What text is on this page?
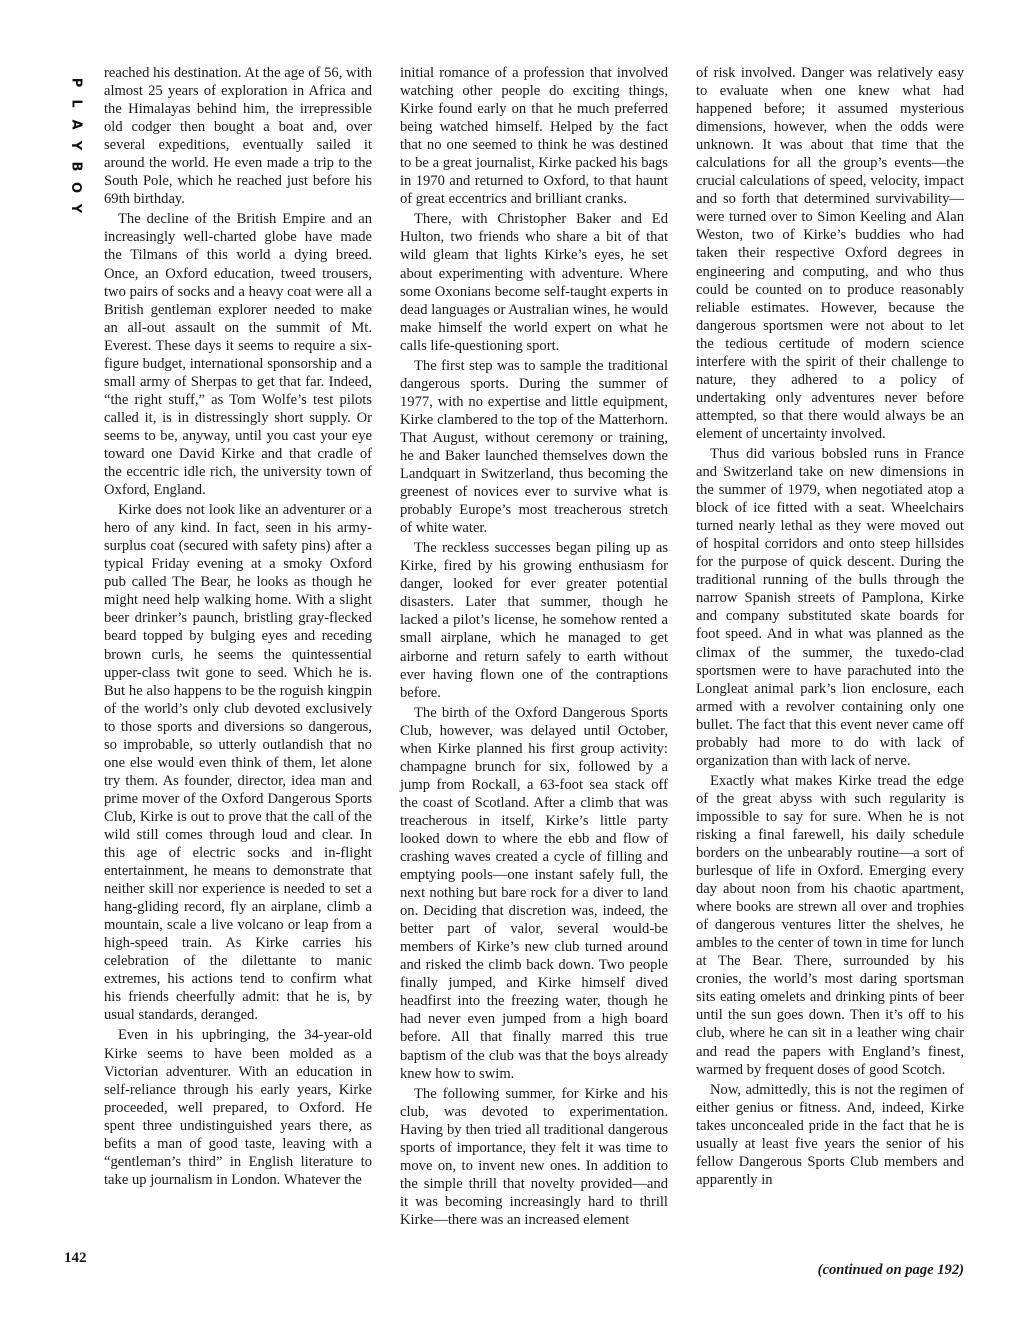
P
L
A
Y
B
O
Y

reached his destination. At the age of 56, with almost 25 years of exploration in Africa and the Himalayas behind him, the irrepressible old codger then bought a boat and, over several expeditions, eventually sailed it around the world. He even made a trip to the South Pole, which he reached just before his 69th birthday.

The decline of the British Empire and an increasingly well-charted globe have made the Tilmans of this world a dying breed. Once, an Oxford education, tweed trousers, two pairs of socks and a heavy coat were all a British gentleman explorer needed to make an all-out assault on the summit of Mt. Everest. These days it seems to require a six-figure budget, international sponsorship and a small army of Sherpas to get that far. Indeed, “the right stuff,” as Tom Wolfe’s test pilots called it, is in distressingly short supply. Or seems to be, anyway, until you cast your eye toward one David Kirke and that cradle of the eccentric idle rich, the university town of Oxford, England.

Kirke does not look like an adventurer or a hero of any kind. In fact, seen in his army-surplus coat (secured with safety pins) after a typical Friday evening at a smoky Oxford pub called The Bear, he looks as though he might need help walking home. With a slight beer drinker’s paunch, bristling gray-flecked beard topped by bulging eyes and receding brown curls, he seems the quintessential upper-class twit gone to seed. Which he is. But he also happens to be the roguish kingpin of the world’s only club devoted exclusively to those sports and diversions so dangerous, so improbable, so utterly outlandish that no one else would even think of them, let alone try them. As founder, director, idea man and prime mover of the Oxford Dangerous Sports Club, Kirke is out to prove that the call of the wild still comes through loud and clear. In this age of electric socks and in-flight entertainment, he means to demonstrate that neither skill nor experience is needed to set a hang-gliding record, fly an airplane, climb a mountain, scale a live volcano or leap from a high-speed train. As Kirke carries his celebration of the dilettante to manic extremes, his actions tend to confirm what his friends cheerfully admit: that he is, by usual standards, deranged.

Even in his upbringing, the 34-year-old Kirke seems to have been molded as a Victorian adventurer. With an education in self-reliance through his early years, Kirke proceeded, well prepared, to Oxford. He spent three undistinguished years there, as befits a man of good taste, leaving with a “gentleman’s third” in English literature to take up journalism in London. Whatever the

initial romance of a profession that involved watching other people do exciting things, Kirke found early on that he much preferred being watched himself. Helped by the fact that no one seemed to think he was destined to be a great journalist, Kirke packed his bags in 1970 and returned to Oxford, to that haunt of great eccentrics and brilliant cranks.

There, with Christopher Baker and Ed Hulton, two friends who share a bit of that wild gleam that lights Kirke’s eyes, he set about experimenting with adventure. Where some Oxonians become self-taught experts in dead languages or Australian wines, he would make himself the world expert on what he calls life-questioning sport.

The first step was to sample the traditional dangerous sports. During the summer of 1977, with no expertise and little equipment, Kirke clambered to the top of the Matterhorn. That August, without ceremony or training, he and Baker launched themselves down the Landquart in Switzerland, thus becoming the greenest of novices ever to survive what is probably Europe’s most treacherous stretch of white water.

The reckless successes began piling up as Kirke, fired by his growing enthusiasm for danger, looked for ever greater potential disasters. Later that summer, though he lacked a pilot’s license, he somehow rented a small airplane, which he managed to get airborne and return safely to earth without ever having flown one of the contraptions before.

The birth of the Oxford Dangerous Sports Club, however, was delayed until October, when Kirke planned his first group activity: champagne brunch for six, followed by a jump from Rockall, a 63-foot sea stack off the coast of Scotland. After a climb that was treacherous in itself, Kirke’s little party looked down to where the ebb and flow of crashing waves created a cycle of filling and emptying pools—one instant safely full, the next nothing but bare rock for a diver to land on. Deciding that discretion was, indeed, the better part of valor, several would-be members of Kirke’s new club turned around and risked the climb back down. Two people finally jumped, and Kirke himself dived headfirst into the freezing water, though he had never even jumped from a high board before. All that finally marred this true baptism of the club was that the boys already knew how to swim.

The following summer, for Kirke and his club, was devoted to experimentation. Having by then tried all traditional dangerous sports of importance, they felt it was time to move on, to invent new ones. In addition to the simple thrill that novelty provided—and it was becoming increasingly hard to thrill Kirke—there was an increased element

of risk involved. Danger was relatively easy to evaluate when one knew what had happened before; it assumed mysterious dimensions, however, when the odds were unknown. It was about that time that the calculations for all the group’s events—the crucial calculations of speed, velocity, impact and so forth that determined survivability—were turned over to Simon Keeling and Alan Weston, two of Kirke’s buddies who had taken their respective Oxford degrees in engineering and computing, and who thus could be counted on to produce reasonably reliable estimates. However, because the dangerous sportsmen were not about to let the tedious certitude of modern science interfere with the spirit of their challenge to nature, they adhered to a policy of undertaking only adventures never before attempted, so that there would always be an element of uncertainty involved.

Thus did various bobsled runs in France and Switzerland take on new dimensions in the summer of 1979, when negotiated atop a block of ice fitted with a seat. Wheelchairs turned nearly lethal as they were moved out of hospital corridors and onto steep hillsides for the purpose of quick descent. During the traditional running of the bulls through the narrow Spanish streets of Pamplona, Kirke and company substituted skate boards for foot speed. And in what was planned as the climax of the summer, the tuxedo-clad sportsmen were to have parachuted into the Longleat animal park’s lion enclosure, each armed with a revolver containing only one bullet. The fact that this event never came off probably had more to do with lack of organization than with lack of nerve.

Exactly what makes Kirke tread the edge of the great abyss with such regularity is impossible to say for sure. When he is not risking a final farewell, his daily schedule borders on the unbearably routine—a sort of burlesque of life in Oxford. Emerging every day about noon from his chaotic apartment, where books are strewn all over and trophies of dangerous ventures litter the shelves, he ambles to the center of town in time for lunch at The Bear. There, surrounded by his cronies, the world’s most daring sportsman sits eating omelets and drinking pints of beer until the sun goes down. Then it’s off to his club, where he can sit in a leather wing chair and read the papers with England’s finest, warmed by frequent doses of good Scotch.

Now, admittedly, this is not the regimen of either genius or fitness. And, indeed, Kirke takes unconcealed pride in the fact that he is usually at least five years the senior of his fellow Dangerous Sports Club members and apparently in

142
(continued on page 192)
